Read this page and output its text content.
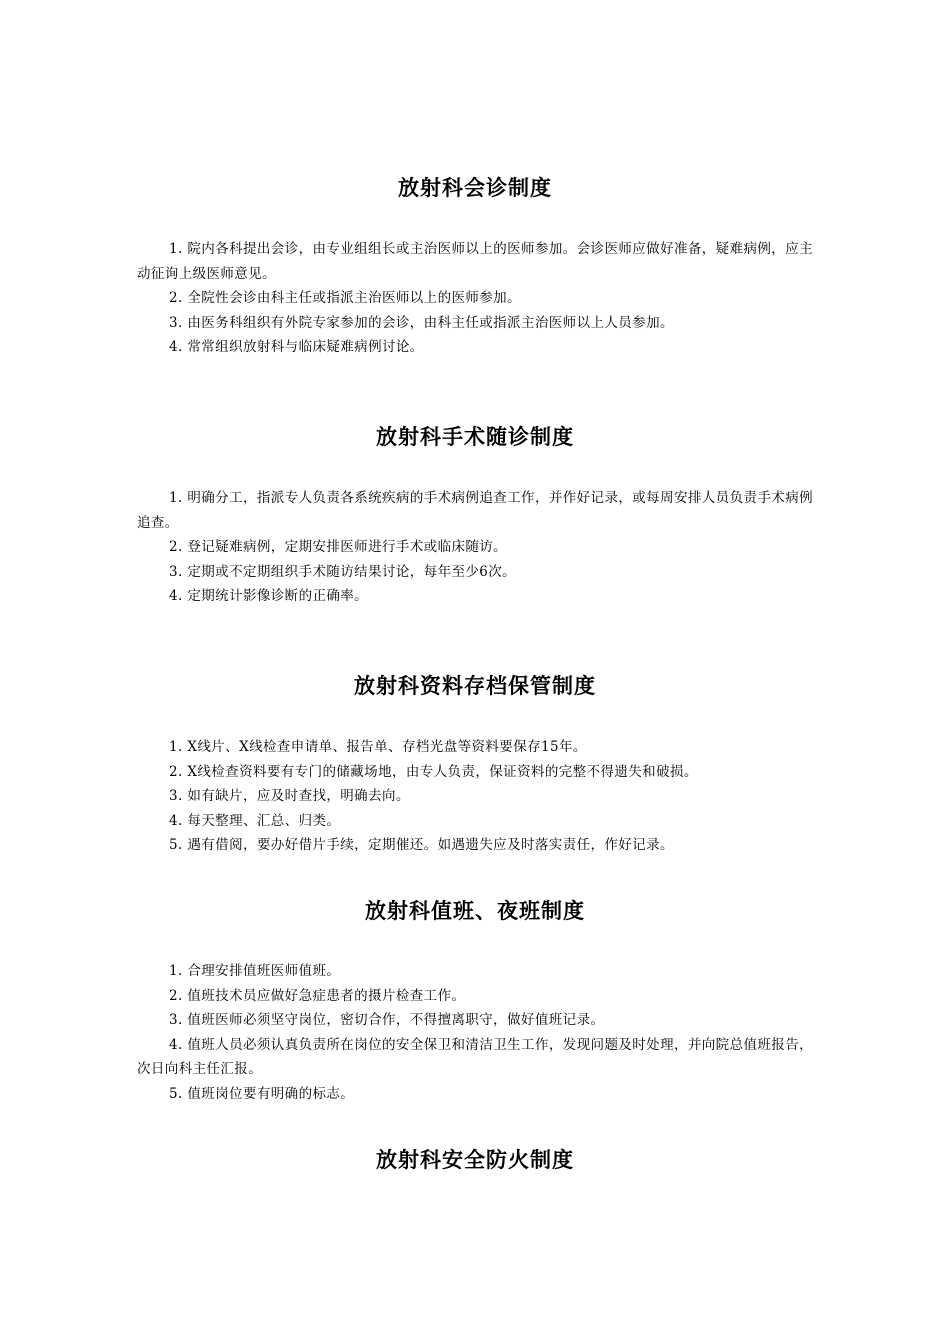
放射科会诊制度

1. 院内各科提出会诊，由专业组组长或主治医师以上的医师参加。会诊医师应做好准备，疑难病例，应主动征询上级医师意见。

2. 全院性会诊由科主任或指派主治医师以上的医师参加。

3. 由医务科组织有外院专家参加的会诊，由科主任或指派主治医师以上人员参加。

4. 常常组织放射科与临床疑难病例讨论。

放射科手术随诊制度

1. 明确分工，指派专人负责各系统疾病的手术病例追查工作，并作好记录，或每周安排人员负责手术病例追查。

2. 登记疑难病例，定期安排医师进行手术或临床随访。

3. 定期或不定期组织手术随访结果讨论，每年至少6次。

4. 定期统计影像诊断的正确率。

放射科资料存档保管制度

1. X线片、X线检查申请单、报告单、存档光盘等资料要保存15年。

2. X线检查资料要有专门的储藏场地，由专人负责，保证资料的完整不得遗失和破损。

3. 如有缺片，应及时查找，明确去向。

4. 每天整理、汇总、归类。

5. 遇有借阅，要办好借片手续，定期催还。如遇遗失应及时落实责任，作好记录。

放射科值班、夜班制度

1. 合理安排值班医师值班。

2. 值班技术员应做好急症患者的摄片检查工作。

3. 值班医师必须坚守岗位，密切合作，不得擅离职守，做好值班记录。

4. 值班人员必须认真负责所在岗位的安全保卫和清洁卫生工作，发现问题及时处理，并向院总值班报告，次日向科主任汇报。

5. 值班岗位要有明确的标志。

放射科安全防火制度
